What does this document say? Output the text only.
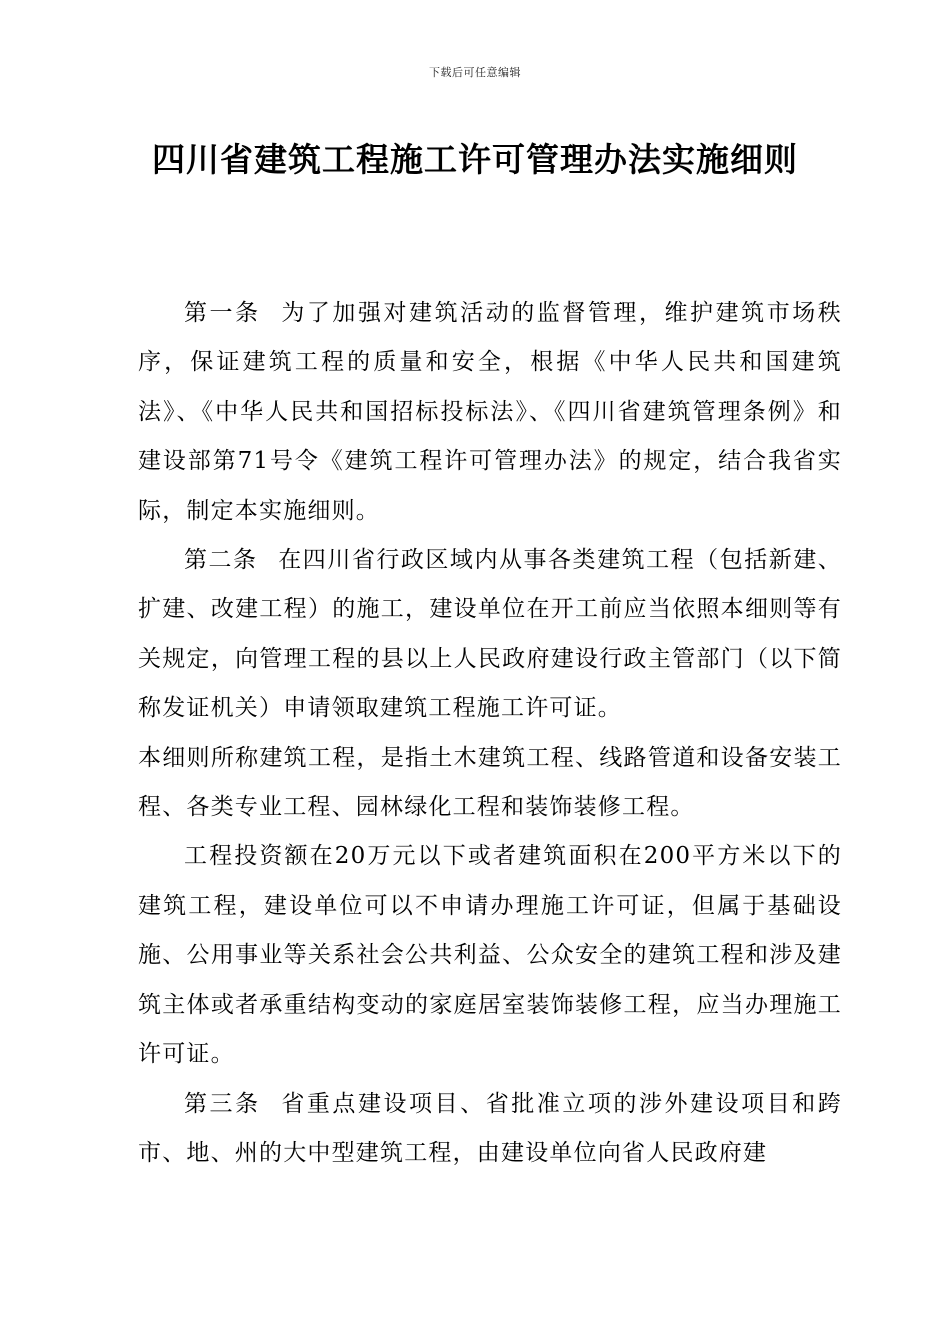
下载后可任意编辑
四川省建筑工程施工许可管理办法实施细则

第一条 为了加强对建筑活动的监督管理，维护建筑市场秩序，保证建筑工程的质量和安全，根据《中华人民共和国建筑法》、《中华人民共和国招标投标法》、《四川省建筑管理条例》和建设部第71号令《建筑工程许可管理办法》的规定，结合我省实际，制定本实施细则。

第二条 在四川省行政区域内从事各类建筑工程（包括新建、扩建、改建工程）的施工，建设单位在开工前应当依照本细则等有关规定，向管理工程的县以上人民政府建设行政主管部门（以下简称发证机关）申请领取建筑工程施工许可证。

本细则所称建筑工程，是指土木建筑工程、线路管道和设备安装工程、各类专业工程、园林绿化工程和装饰装修工程。

工程投资额在20万元以下或者建筑面积在200平方米以下的建筑工程，建设单位可以不申请办理施工许可证，但属于基础设施、公用事业等关系社会公共利益、公众安全的建筑工程和涉及建筑主体或者承重结构变动的家庭居室装饰装修工程，应当办理施工许可证。

第三条 省重点建设项目、省批准立项的涉外建设项目和跨市、地、州的大中型建筑工程，由建设单位向省人民政府建
